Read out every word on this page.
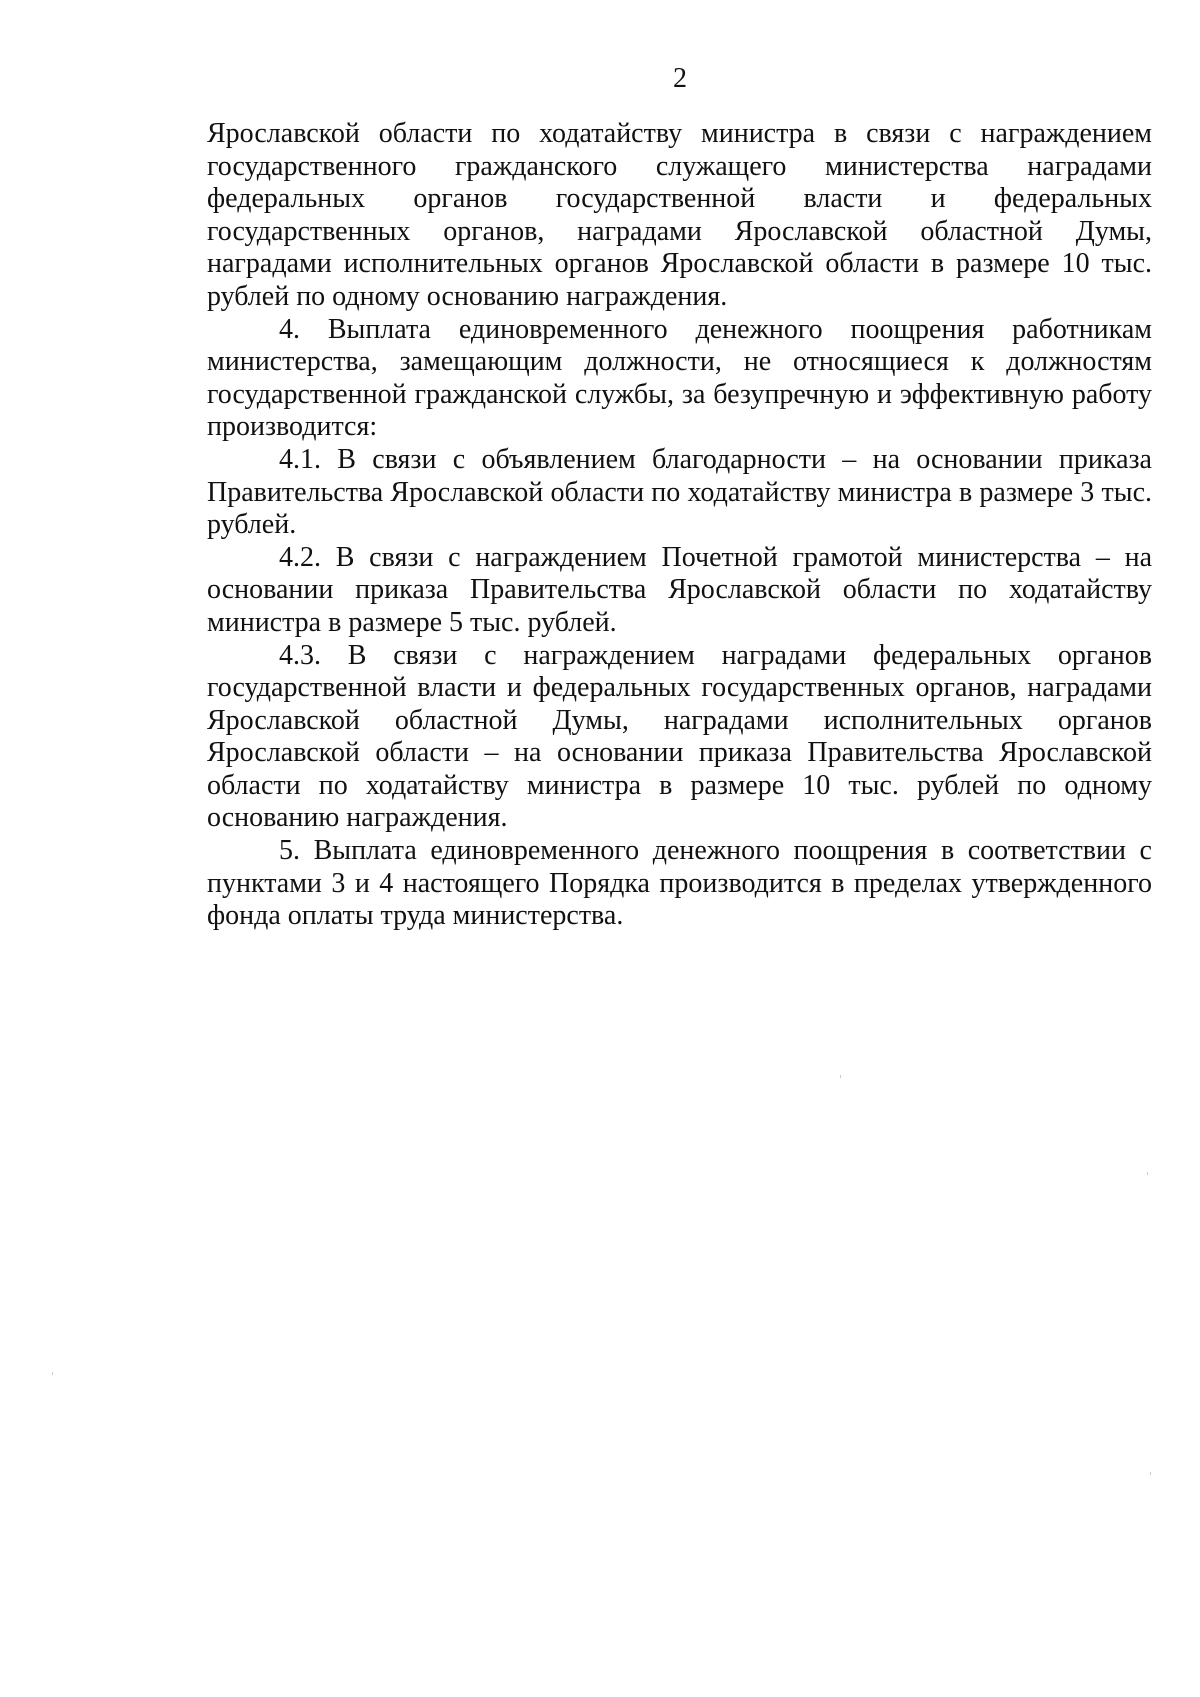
2

Ярославской области по ходатайству министра в связи с награждением государственного гражданского служащего министерства наградами федеральных органов государственной власти и федеральных государственных органов, наградами Ярославской областной Думы, наградами исполнительных органов Ярославской области в размере 10 тыс. рублей по одному основанию награждения.

4. Выплата единовременного денежного поощрения работникам министерства, замещающим должности, не относящиеся к должностям государственной гражданской службы, за безупречную и эффективную работу производится:

4.1. В связи с объявлением благодарности – на основании приказа Правительства Ярославской области по ходатайству министра в размере 3 тыс. рублей.

4.2. В связи с награждением Почетной грамотой министерства – на основании приказа Правительства Ярославской области по ходатайству министра в размере 5 тыс. рублей.

4.3. В связи с награждением наградами федеральных органов государственной власти и федеральных государственных органов, наградами Ярославской областной Думы, наградами исполнительных органов Ярославской области – на основании приказа Правительства Ярославской области по ходатайству министра в размере 10 тыс. рублей по одному основанию награждения.

5. Выплата единовременного денежного поощрения в соответствии с пунктами 3 и 4 настоящего Порядка производится в пределах утвержденного фонда оплаты труда министерства.
